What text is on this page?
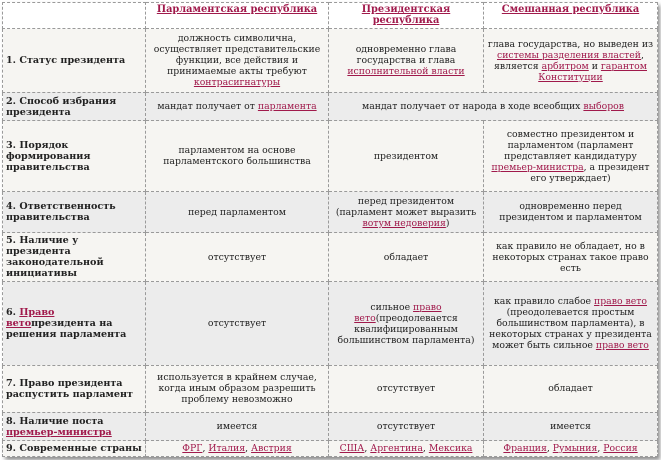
	Парламентская республика	Президентская республика	Смешанная республика
1. Статус президента	должность символична, осуществляет представительские функции, все действия и принимаемые акты требуют контрасигнатуры	одновременно глава государства и глава исполнительной власти	глава государства, но выведен из системы разделения властей, является арбитром и гарантом Конституции
2. Способ избрания президента	мандат получает от парламента	мандат получает от народа в ходе всеобщих выборов	
3. Порядок формирования правительства	парламентом на основе парламентского большинства	президентом	совместно президентом и парламентом (парламент представляет кандидатуру премьер-министра, а президент его утверждает)
4. Ответственность правительства	перед парламентом	перед президентом (парламент может выразить вотум недоверия)	одновременно перед президентом и парламентом
5. Наличие у президента законодательной инициативы	отсутствует	обладает	как правило не обладает, но в некоторых странах такое право есть
6. Право ветопрезидента на решения парламента	отсутствует	сильное право вето(преодолевается квалифицированным большинством парламента)	как правило слабое право вето (преодолевается простым большинством парламента), в некоторых странах у президента может быть сильное право вето
7. Право президента распустить парламент	используется в крайнем случае, когда иным образом разрешить проблему невозможно	отсутствует	обладает
8. Наличие поста премьер-министра	имеется	отсутствует	имеется
9. Современные страны	ФРГ, Италия, Австрия	США, Аргентина, Мексика	Франция, Румыния, Россия
